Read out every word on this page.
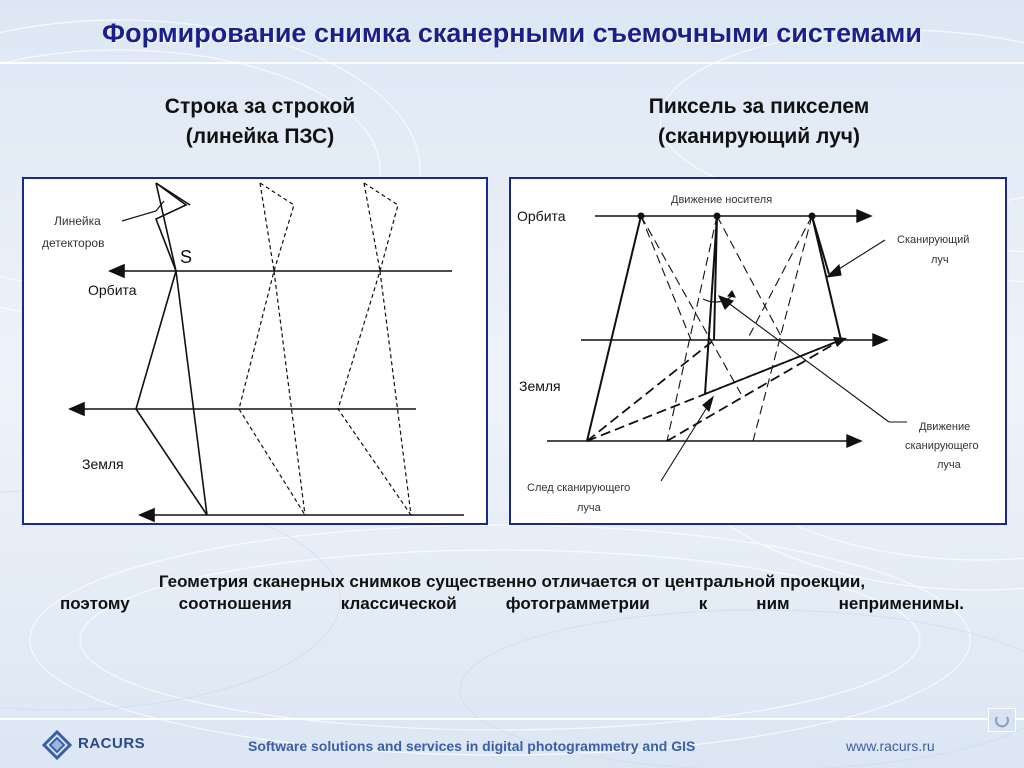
Формирование снимка сканерными съемочными системами
Строка за строкой
(линейка ПЗС)
Пиксель за пикселем
(сканирующий луч)
Линейка
детекторов
S
Орбита
Земля
Движение носителя
Орбита
Сканирующий
луч
Земля
Движение
сканирующего
луча
След сканирующего
луча
Геометрия сканерных снимков существенно отличается от центральной проекции,
поэтому соотношения классической фотограмметрии к ним неприменимы.
RACURS	Software solutions and services in digital photogrammetry and GIS	www.racurs.ru
